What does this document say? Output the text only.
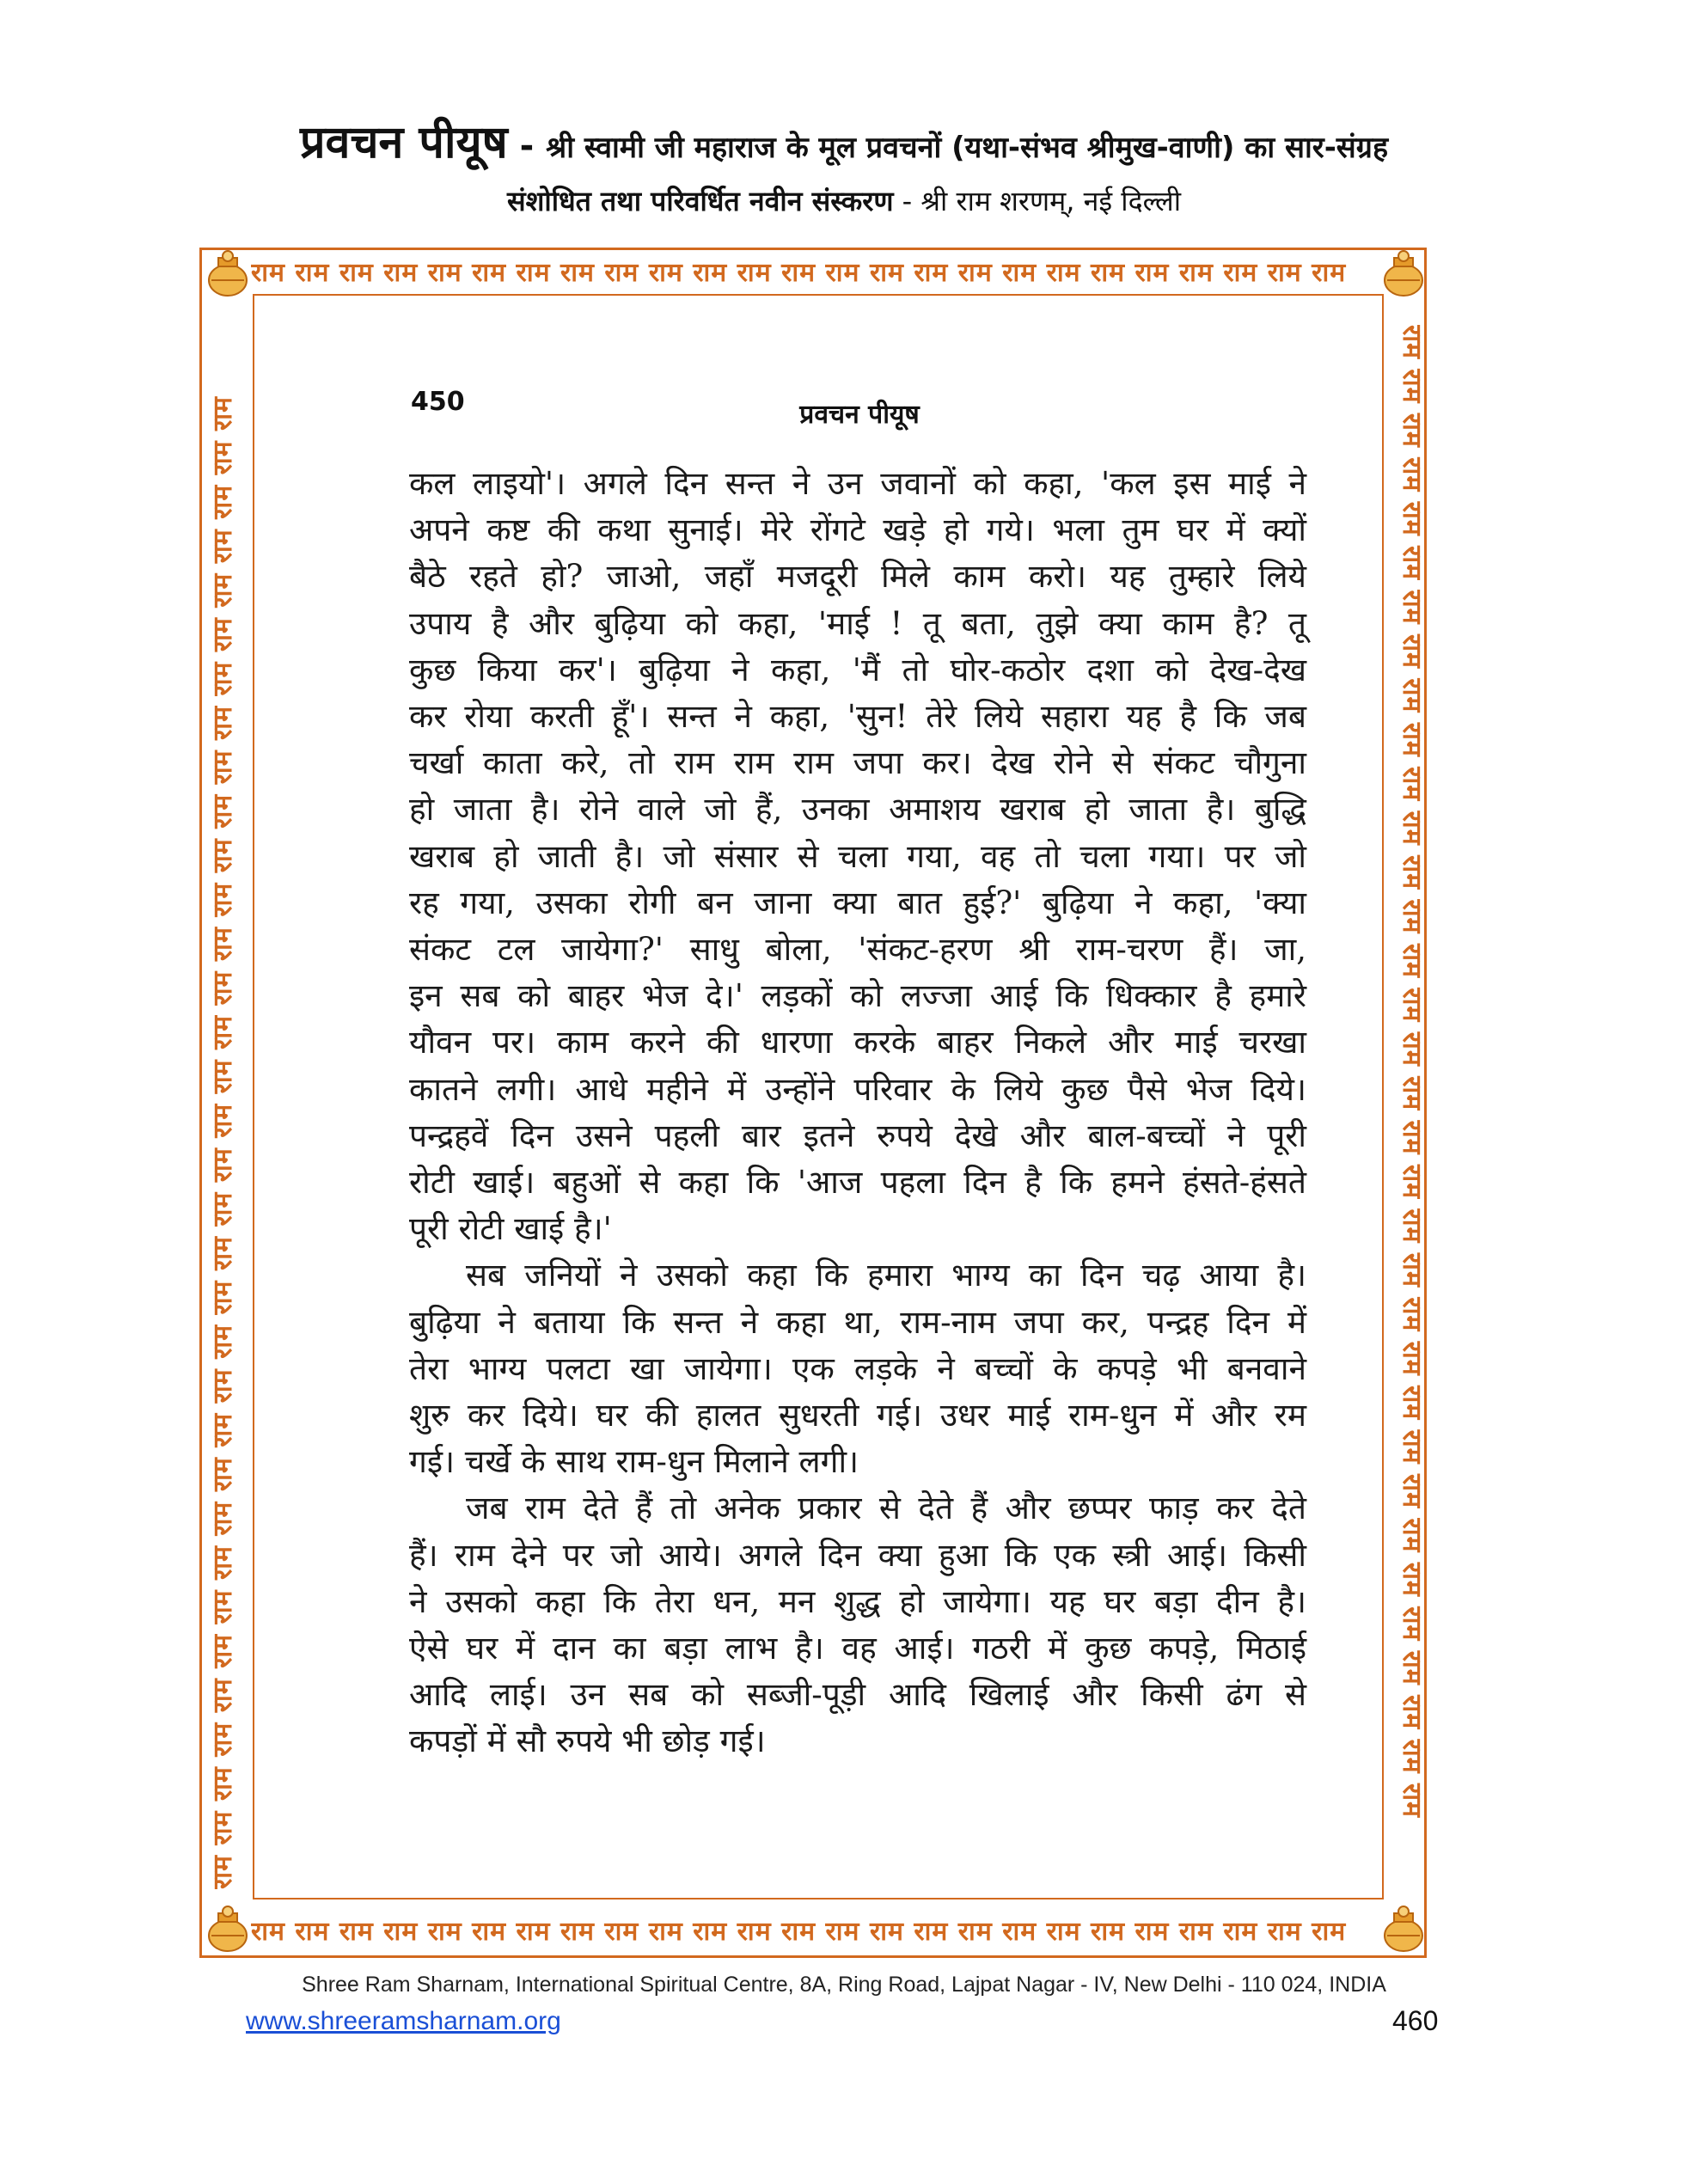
प्रवचन पीयूष - श्री स्वामी जी महाराज के मूल प्रवचनों (यथा-संभव श्रीमुख-वाणी) का सार-संग्रह
संशोधित तथा परिवर्धित नवीन संस्करण - श्री राम शरणम्, नई दिल्ली
राम राम राम राम राम राम राम राम राम राम राम राम राम राम राम राम राम राम राम राम राम राम राम राम राम
राम राम राम राम राम राम राम राम राम राम राम राम राम राम राम राम राम राम राम राम राम राम राम राम राम
राम राम राम राम राम राम राम राम राम राम राम राम राम राम राम राम राम राम राम राम राम राम राम राम राम राम राम राम राम राम राम राम राम राम	राम राम राम राम राम राम राम राम राम राम राम राम राम राम राम राम राम राम राम राम राम राम राम राम राम राम राम राम राम राम राम राम राम राम
450	प्रवचन पीयूष
कल लाइयो'। अगले दिन सन्त ने उन जवानों को कहा, 'कल इस माई ने
अपने कष्ट की कथा सुनाई। मेरे रोंगटे खड़े हो गये। भला तुम घर में क्यों
बैठे रहते हो? जाओ, जहाँ मजदूरी मिले काम करो। यह तुम्हारे लिये
उपाय है और बुढ़िया को कहा, 'माई ! तू बता, तुझे क्या काम है? तू
कुछ किया कर'। बुढ़िया ने कहा, 'मैं तो घोर-कठोर दशा को देख-देख
कर रोया करती हूँ'। सन्त ने कहा, 'सुन! तेरे लिये सहारा यह है कि जब
चर्खा काता करे, तो राम राम राम जपा कर। देख रोने से संकट चौगुना
हो जाता है। रोने वाले जो हैं, उनका अमाशय खराब हो जाता है। बुद्धि
खराब हो जाती है। जो संसार से चला गया, वह तो चला गया। पर जो
रह गया, उसका रोगी बन जाना क्या बात हुई?' बुढ़िया ने कहा, 'क्या
संकट टल जायेगा?' साधु बोला, 'संकट-हरण श्री राम-चरण हैं। जा,
इन सब को बाहर भेज दे।' लड़कों को लज्जा आई कि धिक्कार है हमारे
यौवन पर। काम करने की धारणा करके बाहर निकले और माई चरखा
कातने लगी। आधे महीने में उन्होंने परिवार के लिये कुछ पैसे भेज दिये।
पन्द्रहवें दिन उसने पहली बार इतने रुपये देखे और बाल-बच्चों ने पूरी
रोटी खाई। बहुओं से कहा कि 'आज पहला दिन है कि हमने हंसते-हंसते
पूरी रोटी खाई है।'
सब जनियों ने उसको कहा कि हमारा भाग्य का दिन चढ़ आया है।
बुढ़िया ने बताया कि सन्त ने कहा था, राम-नाम जपा कर, पन्द्रह दिन में
तेरा भाग्य पलटा खा जायेगा। एक लड़के ने बच्चों के कपड़े भी बनवाने
शुरु कर दिये। घर की हालत सुधरती गई। उधर माई राम-धुन में और रम
गई। चर्खे के साथ राम-धुन मिलाने लगी।
जब राम देते हैं तो अनेक प्रकार से देते हैं और छप्पर फाड़ कर देते
हैं। राम देने पर जो आये। अगले दिन क्या हुआ कि एक स्त्री आई। किसी
ने उसको कहा कि तेरा धन, मन शुद्ध हो जायेगा। यह घर बड़ा दीन है।
ऐसे घर में दान का बड़ा लाभ है। वह आई। गठरी में कुछ कपड़े, मिठाई
आदि लाई। उन सब को सब्जी-पूड़ी आदि खिलाई और किसी ढंग से
कपड़ों में सौ रुपये भी छोड़ गई।
Shree Ram Sharnam, International Spiritual Centre, 8A, Ring Road, Lajpat Nagar - IV, New Delhi - 110 024, INDIA
www.shreeramsharnam.org	460
